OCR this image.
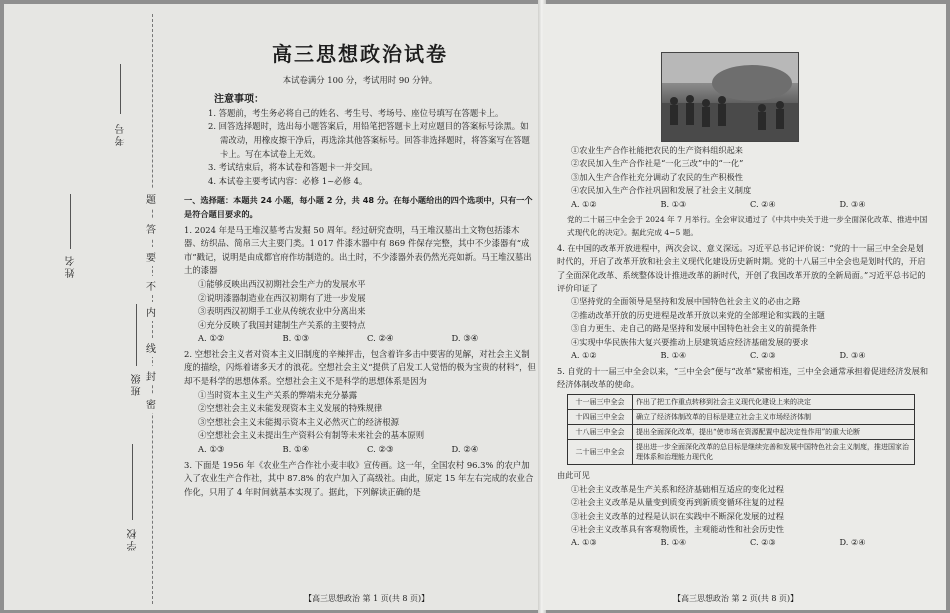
考号
姓名
班级
学校
题
答
要
不
内
线
封
密
高三思想政治试卷
本试卷满分 100 分，考试用时 90 分钟。
注意事项：

1. 答题前，考生务必将自己的姓名、考生号、考场号、座位号填写在答题卡上。

2. 回答选择题时，选出每小题答案后，用铅笔把答题卡上对应题目的答案标号涂黑。如需改动，用橡皮擦干净后，再选涂其他答案标号。回答非选择题时，将答案写在答题卡上。写在本试卷上无效。

3. 考试结束后，将本试卷和答题卡一并交回。

4. 本试卷主要考试内容：必修 1~必修 4。

一、选择题：本题共 24 小题，每小题 2 分，共 48 分。在每小题给出的四个选项中，只有一个是符合题目要求的。
1. 2024 年是马王堆汉墓考古发掘 50 周年。经过研究查明，马王堆汉墓出土文物包括漆木器、纺织品、简帛三大主要门类。1 017 件漆木器中有 869 件保存完整，其中不少漆器有“成市”戳记，说明是由成都官府作坊制造的。出土时，不少漆器外表仍然光亮如新。马王堆汉墓出土的漆器
①能够反映出西汉初期社会生产力的发展水平
②说明漆器制造业在西汉初期有了进一步发展
③表明西汉初期手工业从传统农业中分离出来
④充分反映了我国封建制生产关系的主要特点
A. ①②	B. ①③	C. ②④	D. ③④
2. 空想社会主义者对资本主义旧制度的辛辣抨击，包含着许多击中要害的见解，对社会主义制度的描绘，闪烁着诸多天才的浪花。空想社会主义“提供了启发工人觉悟的极为宝贵的材料”，但却不是科学的思想体系。空想社会主义不是科学的思想体系是因为
①当时资本主义生产关系的弊端未充分暴露
②空想社会主义未能发现资本主义发展的特殊规律
③空想社会主义未能揭示资本主义必然灭亡的经济根源
④空想社会主义未提出生产资料公有制等未来社会的基本原则
A. ①③	B. ①④	C. ②③	D. ②④
3. 下面是 1956 年《农业生产合作社小麦丰收》宣传画。这一年，全国农村 96.3% 的农户加入了农业生产合作社，其中 87.8% 的农户加入了高级社。由此，原定 15 年左右完成的农业合作化，只用了 4 年时间就基本实现了。据此，下列解读正确的是
【高三思想政治 第 1 页(共 8 页)】
①农业生产合作社能把农民的生产资料组织起来
②农民加入生产合作社是“一化三改”中的“一化”
③加入生产合作社充分调动了农民的生产积极性
④农民加入生产合作社巩固和发展了社会主义制度
A. ①②	B. ①③	C. ②④	D. ③④
党的二十届三中全会于 2024 年 7 月举行。全会审议通过了《中共中央关于进一步全面深化改革、推进中国式现代化的决定》。据此完成 4~5 题。
4. 在中国的改革开放进程中，两次会议、意义深远。习近平总书记评价说：“党的十一届三中全会是划时代的，开启了改革开放和社会主义现代化建设历史新时期。党的十八届三中全会也是划时代的，开启了全面深化改革、系统整体设计推进改革的新时代，开创了我国改革开放的全新局面。”习近平总书记的评价印证了
①坚持党的全面领导是坚持和发展中国特色社会主义的必由之路
②推动改革开放的历史进程是改革开放以来党的全部理论和实践的主题
③自力更生、走自己的路是坚持和发展中国特色社会主义的前提条件
④实现中华民族伟大复兴要推动上层建筑适应经济基础发展的要求
A. ①②	B. ①④	C. ②③	D. ③④
5. 自党的十一届三中全会以来，“三中全会”便与“改革”紧密相连，三中全会通常承担着促进经济发展和经济体制改革的使命。
十一届三中全会	作出了把工作重点转移到社会主义现代化建设上来的决定
十四届三中全会	确立了经济体制改革的目标是建立社会主义市场经济体制
十八届三中全会	提出全面深化改革，提出“使市场在资源配置中起决定性作用”的重大论断
二十届三中全会	提出进一步全面深化改革的总目标是继续完善和发展中国特色社会主义制度，推进国家治理体系和治理能力现代化
由此可见
①社会主义改革是生产关系和经济基础相互适应的变化过程
②社会主义改革是从量变到质变再到新质变循环往复的过程
③社会主义改革的过程是认识在实践中不断深化发展的过程
④社会主义改革具有客观物质性，主观能动性和社会历史性
A. ①③	B. ①④	C. ②③	D. ②④
【高三思想政治 第 2 页(共 8 页)】
